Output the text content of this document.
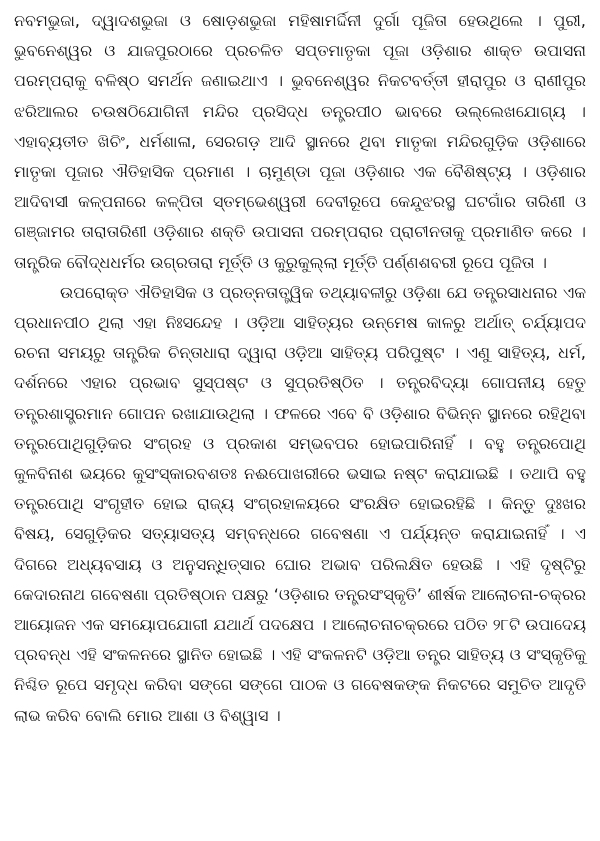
ନବମଭୁଜା, ଦ୍ୱାଦଶଭୁଜା ଓ ଷୋଡ଼ଶଭୁଜା ମହିଷାମର୍ଦ୍ଦିନୀ ଦୁର୍ଗା ପୂଜିତା ହେଉଥିଲେ । ପୁରୀ, ଭୁବନେଶ୍ୱର ଓ ଯାଜପୁରଠାରେ ପ୍ରଚଳିତ ସପ୍ତମାତୃକା ପୂଜା ଓଡ଼ିଶାର ଶାକ୍ତ ଉପାସନା ପରମ୍ପରାକୁ ବଳିଷ୍ଠ ସମର୍ଥନ ଜଣାଇଥାଏ । ଭୁବନେଶ୍ୱର ନିକଟବର୍ତ୍ତୀ ହୀରାପୁର ଓ ରାଣୀପୁର ଝରିଆଲର ଚଉଷଠିଯୋଗିନୀ ମନ୍ଦିର ପ୍ରସିଦ୍ଧ ତନ୍ତ୍ରପୀଠ ଭାବରେ ଉଲ୍ଲେଖଯୋଗ୍ୟ । ଏହାବ୍ୟତୀତ ଖିଚିଂ, ଧର୍ମଶାଳା, ସେରଗଡ଼ ଆଦି ସ୍ଥାନରେ ଥିବା ମାତୃକା ମନ୍ଦିରଗୁଡ଼ିକ ଓଡ଼ିଶାରେ ମାତୃକା ପୂଜାର ଐତିହାସିକ ପ୍ରମାଣ । ଚାମୁଣ୍ଡା ପୂଜା ଓଡ଼ିଶାର ଏକ ବୈଶିଷ୍ଟ୍ୟ । ଓଡ଼ିଶାର ଆଦିବାସୀ କଳ୍ପନାରେ କଳ୍ପିତା ସ୍ତମ୍ଭେଶ୍ୱରୀ ଦେବୀରୂପେ କେନ୍ଦୁଝରସ୍ଥ ଘଟଗାଁର ତାରିଣୀ ଓ ଗଞ୍ଜାମର ତାରାତାରିଣୀ ଓଡ଼ିଶାର ଶକ୍ତି ଉପାସନା ପରମ୍ପରାର ପ୍ରାଚୀନତାକୁ ପ୍ରମାଣିତ କରେ । ତାନ୍ତ୍ରିକ ବୌଦ୍ଧଧର୍ମର ଉଗ୍ରତାରା ମୂର୍ତ୍ତି ଓ କୁରୁକୁଲ୍ଲା ମୂର୍ତ୍ତି ପର୍ଣ୍ଣଶବରୀ ରୂପେ ପୂଜିତା ।

ଉପରୋକ୍ତ ଐତିହାସିକ ଓ ପ୍ରତ୍ନତାତ୍ତ୍ୱିକ ତଥ୍ୟାବଳୀରୁ ଓଡ଼ିଶା ଯେ ତନ୍ତ୍ରସାଧନାର ଏକ ପ୍ରଧାନପୀଠ ଥିଲା ଏହା ନିଃସନ୍ଦେହ । ଓଡ଼ିଆ ସାହିତ୍ୟର ଉନ୍ମେଷ କାଳରୁ ଅର୍ଥାତ୍ ଚର୍ଯ୍ୟାପଦ ରଚନା ସମୟରୁ ତାନ୍ତ୍ରିକ ଚିନ୍ତାଧାରା ଦ୍ୱାରା ଓଡ଼ିଆ ସାହିତ୍ୟ ପରିପୁଷ୍ଟ । ଏଣୁ ସାହିତ୍ୟ, ଧର୍ମ, ଦର୍ଶନରେ ଏହାର ପ୍ରଭାବ ସୁସ୍ପଷ୍ଟ ଓ ସୁପ୍ରତିଷ୍ଠିତ । ତନ୍ତ୍ରବିଦ୍ୟା ଗୋପନୀୟ ହେତୁ ତନ୍ତ୍ରଶାସ୍ତ୍ରମାନ ଗୋପନ ରଖାଯାଉଥିଲା । ଫଳରେ ଏବେ ବି ଓଡ଼ିଶାର ବିଭିନ୍ନ ସ୍ଥାନରେ ରହିଥିବା ତନ୍ତ୍ରପୋଥିଗୁଡ଼ିକର ସଂଗ୍ରହ ଓ ପ୍ରକାଶ ସମ୍ଭବପର ହୋଇପାରିନାହିଁ । ବହୁ ତନ୍ତ୍ରପୋଥି କୁଳବିନାଶ ଭୟରେ କୁସଂସ୍କାରବଶତଃ ନଈପୋଖରୀରେ ଭସାଇ ନଷ୍ଟ କରାଯାଇଛି । ତଥାପି ବହୁ ତନ୍ତ୍ରପୋଥି ସଂଗୃହୀତ ହୋଇ ରାଜ୍ୟ ସଂଗ୍ରହାଳୟରେ ସଂରକ୍ଷିତ ହୋଇରହିଛି । କିନ୍ତୁ ଦୁଃଖର ବିଷୟ, ସେଗୁଡ଼ିକର ସତ୍ୟାସତ୍ୟ ସମ୍ବନ୍ଧରେ ଗବେଷଣା ଏ ପର୍ଯ୍ୟନ୍ତ କରାଯାଇନାହିଁ । ଏ ଦିଗରେ ଅଧ୍ୟବସାୟ ଓ ଅନୁସନ୍ଧିତ୍ସାର ଘୋର ଅଭାବ ପରିଲକ୍ଷିତ ହେଉଛି । ଏହି ଦୃଷ୍ଟିରୁ କେଦାରନାଥ ଗବେଷଣା ପ୍ରତିଷ୍ଠାନ ପକ୍ଷରୁ ‘ଓଡ଼ିଶାର ତନ୍ତ୍ରସଂସ୍କୃତି’ ଶୀର୍ଷକ ଆଲୋଚନା-ଚକ୍ରର ଆୟୋଜନ ଏକ ସମୟୋପଯୋଗୀ ଯଥାର୍ଥ ପଦକ୍ଷେପ । ଆଲୋଚନାଚକ୍ରରେ ପଠିତ ୨୮ଟି ଉପାଦେୟ ପ୍ରବନ୍ଧ ଏହି ସଂକଳନରେ ସ୍ଥାନିତ ହୋଇଛି । ଏହି ସଂକଳନଟି ଓଡ଼ିଆ ତନ୍ତ୍ର ସାହିତ୍ୟ ଓ ସଂସ୍କୃତିକୁ ନିଶ୍ଚିତ ରୂପେ ସମୃଦ୍ଧ କରିବା ସଙ୍ଗେ ସଙ୍ଗେ ପାଠକ ଓ ଗବେଷକଙ୍କ ନିକଟରେ ସମୁଚିତ ଆଦୃତି ଲାଭ କରିବ ବୋଲି ମୋର ଆଶା ଓ ବିଶ୍ୱାସ ।
